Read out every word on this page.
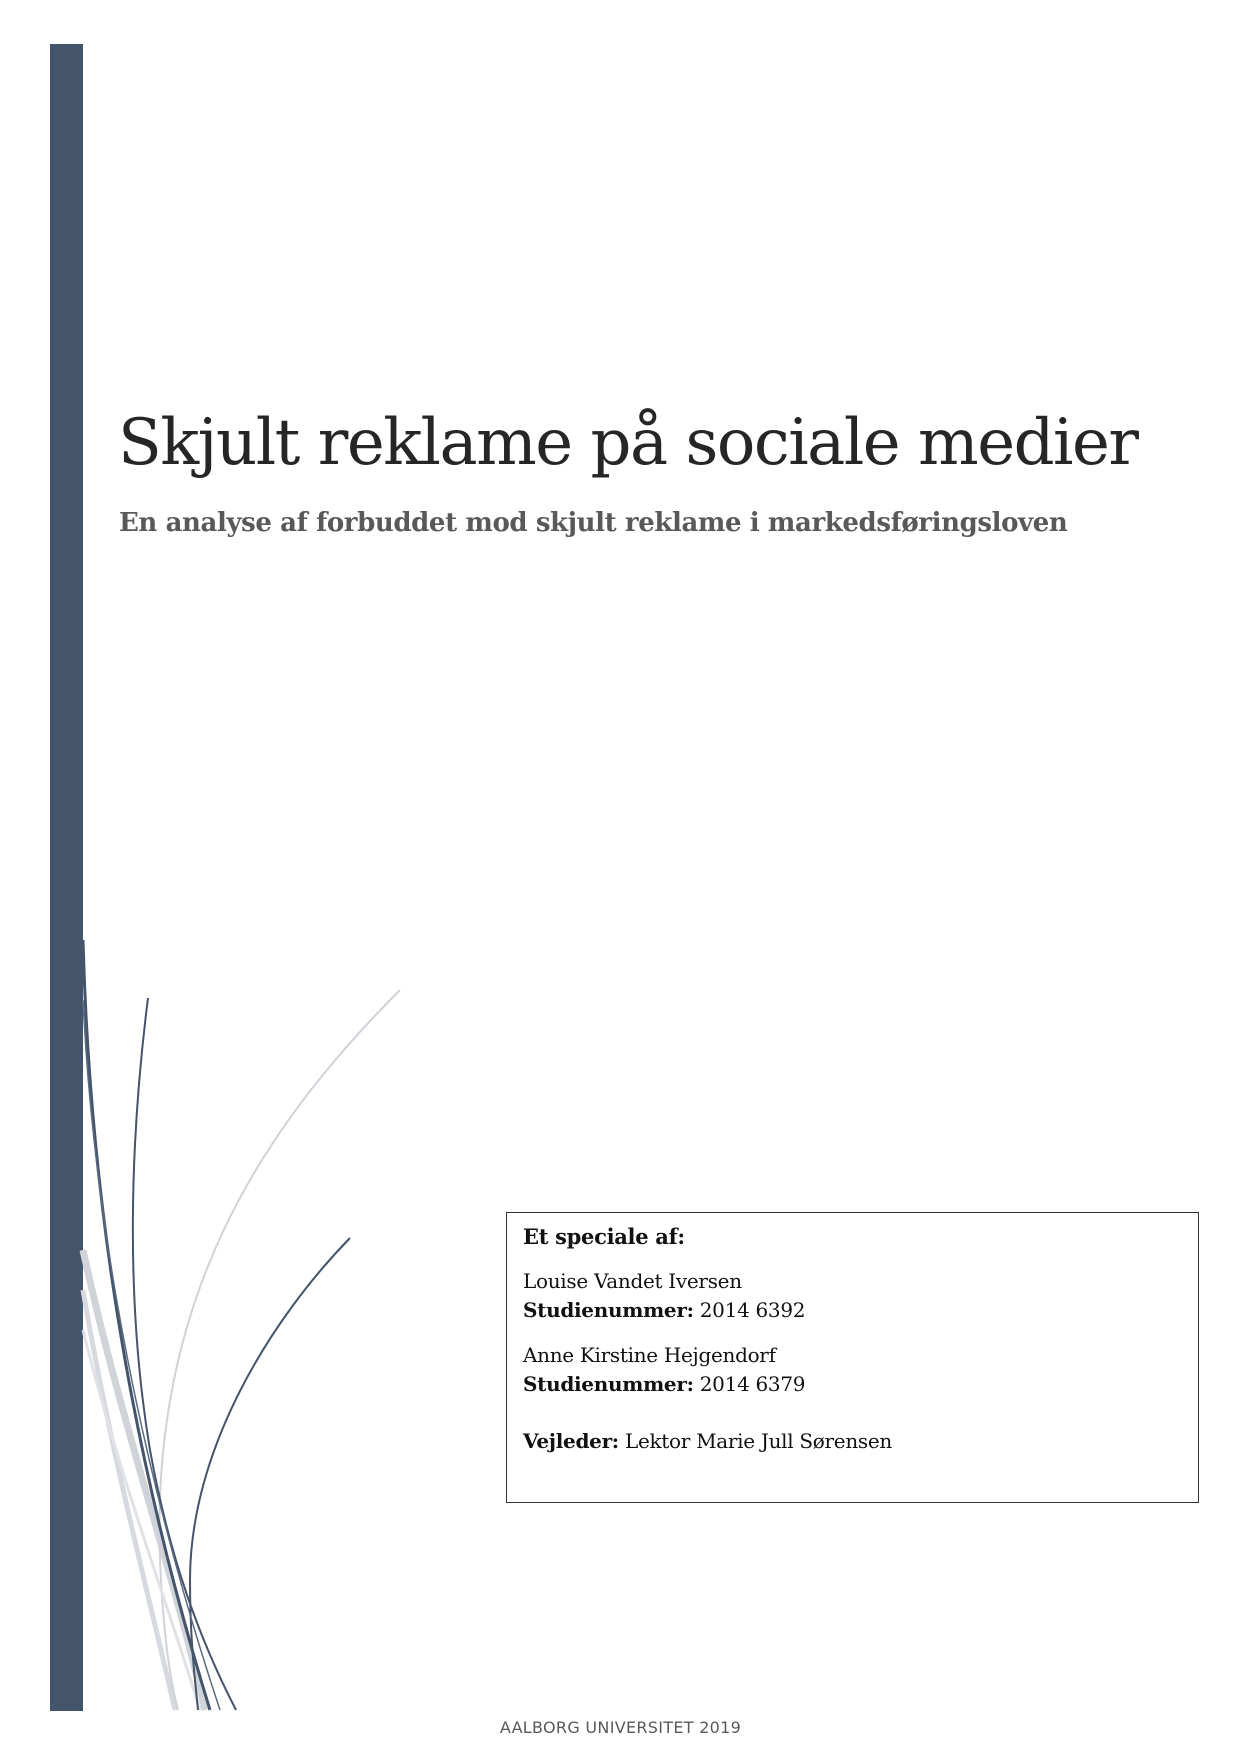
Skjult reklame på sociale medier
En analyse af forbuddet mod skjult reklame i markedsføringsloven

Et speciale af:

Louise Vandet Iversen
Studienummer: 2014 6392
Anne Kirstine Hejgendorf
Studienummer: 2014 6379
Vejleder: Lektor Marie Jull Sørensen
AALBORG UNIVERSITET 2019
